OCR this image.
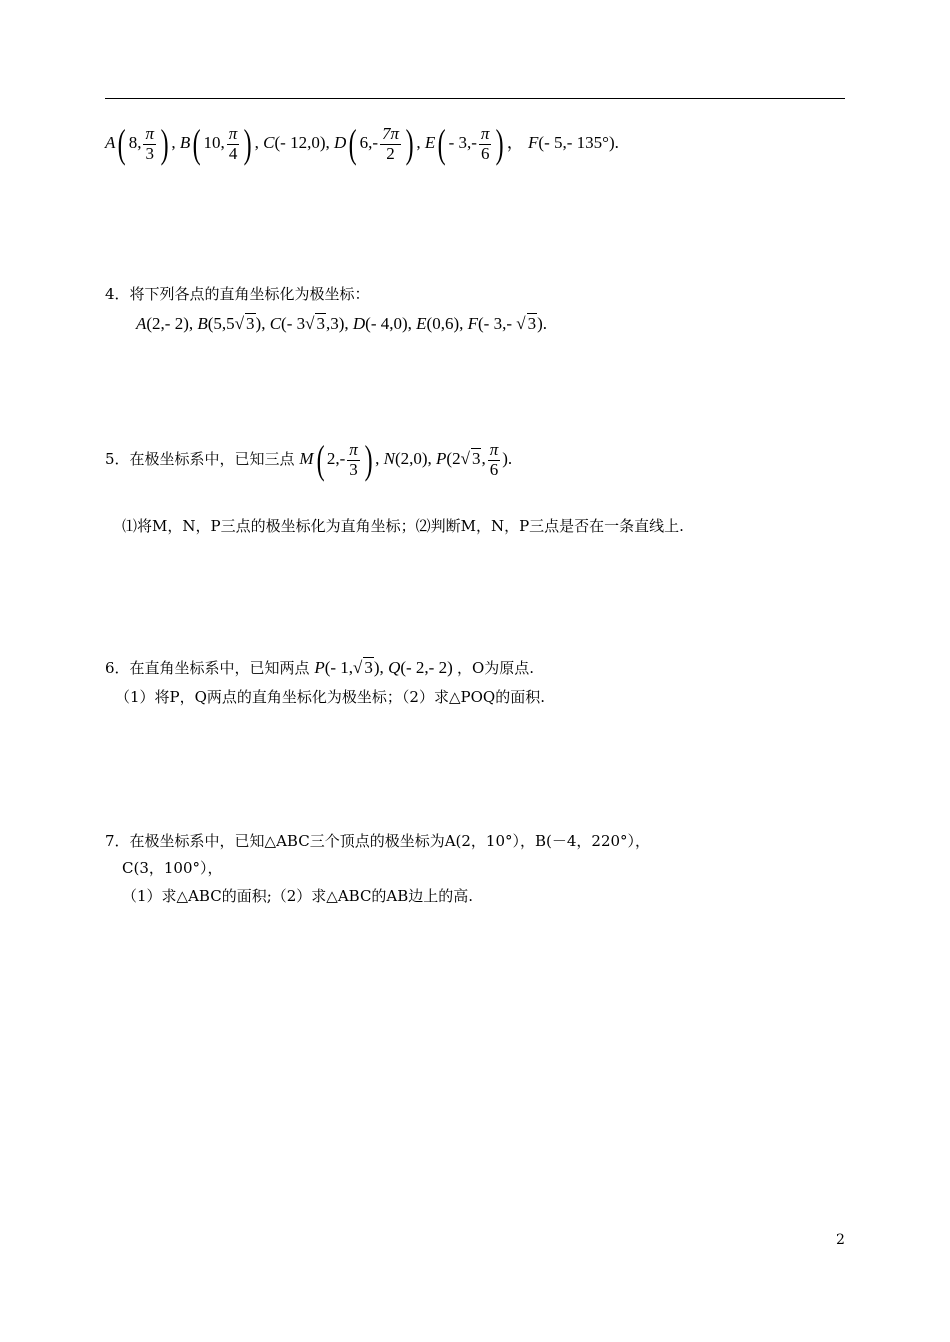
A( 8, $\frac{\pi}{3}$ ) , B( 10, $\frac{\pi}{4}$ ) , C(- 12,0), D( $6,- \frac{7\pi}{2}$ ) , $E( - 3,- \frac{\pi}{6}$ ) ， F(- 5,- 135°).
4．将下列各点的直角坐标化为极坐标：
A(2,- 2), B(5,5√ 3), C(- 3√ 3,3), D(- 4,0), E(0,6), F(- 3,- √ 3).
5．在极坐标系中，已知三点 M( $2,- \frac{\pi}{3}$ ) , N(2,0), P(2√ 3, $\frac{\pi}{6}$ ).
⑴将M，N，P三点的极坐标化为直角坐标；⑵判断M，N，P三点是否在一条直线上.
6．在直角坐标系中，已知两点 P(- 1,√ 3), Q(- 2,- 2) ，O为原点.
（1）将P，Q两点的直角坐标化为极坐标；（2）求△POQ的面积.
7．在极坐标系中，已知△ABC三个顶点的极坐标为A(2，10°），B(－4，220°），
C(3，100°），
（1）求△ABC的面积;（2）求△ABC的AB边上的高.
2
